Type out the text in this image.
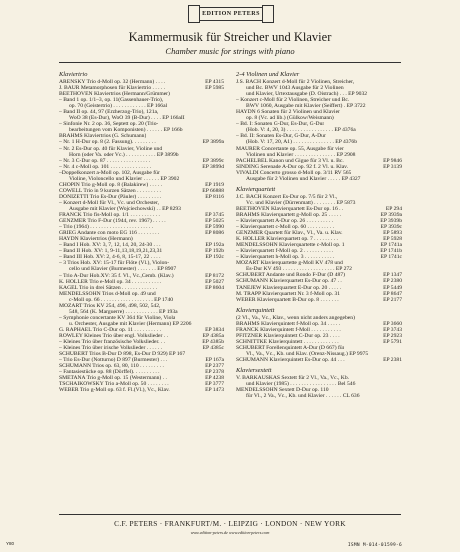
EDITION PETERS
Kammermusik für Streicher und Klavier
Chamber music for strings with piano
Klaviertrio
ARENSKY Trio d-Moll op. 32 (Hermann) . . . .	EP 4315
J. BAUR Metamorphosen für Klaviertrio . . . . .	EP 5985
BEETHOVEN Klaviertrios (Hermann/Grümmer)
– Band 1 op. 1/1–3, op. 11(Gassenhauer-Trio),
op. 70 (Geistertrio) . . . . . . . . . . . . EP 166al
– Band II op. 44, 97 (Erzherzog-Trio), 121a,
WoO 38 (Es-Dur), WoO 39 (B-Dur) . . . . EP 166aII
– Sinfonie Nr. 2 op. 36, Septett op. 20 (Trio-
bearbeitungen vom Komponisten) . . . . . . EP 166b
BRAHMS Klaviertrios (G. Schumann)
– Nr. 1 H-Dur op. 8 (2. Fassung). . . . . . . . .	EP 3899a
– Nr. 2 Es-Dur op. 40 für Klavier, Violine und
Horn (oder Va. oder Vc.) . . . . . . . . . . . EP 3899b
– Nr. 3 C-Dur op. 87 . . . . . . . . . . . . . . . .	EP 3899c
– Nr. 4 c-Moll op. 101 . . . . . . . . . . . . . . .	EP 3899d
–Doppelkonzert a-Moll op. 102, Ausgabe für
Violine, Violoncello und Klavier . . . . . . EP 3902
CHOPIN Trio g-Moll op. 8 (Balakirew) . . . . .	EP 1919
COWELL Trio in 9 kurzen Sätzen . . . . . . . . .	EP 66888
DONIZETTI Trio Es-Dur (Päuler) . . . . . . . . .	EP 8116
– Konzert d-Moll für Vl., Vc. und Orchester,
Ausgabe mit Klavier (Wojciechowski) . . EP 8293
FRANCK Trio fis-Moll op. 1/1 . . . . . . . . . . .	EP 3745
GENZMER Trio F-Dur (1944, rev. 1967) . . . . .	EP 5025
– Trio (1964) . . . . . . . . . . . . . . . . . . . . . . .	EP 5990
GRIEG Andante con moto EG 116 . . . . . . . .	EP 8086
HAYDN Klaviertrios (Hermann)
– Band I Hob. XV: 3, 7, 12, 14, 20, 24-30 . . .	EP 192a
– Band II Hob. XV: 1, 9-11,13,18,19,21,23,31	EP 192b
– Band III Hob. XV: 2, 4-6, 8, 15-17, 22 . . . .	EP 192c
– 3 Trios Hob. XV: 15-17 für Flöte (Vl.), Violon-
cello und Klavier (Burmester) . . . . . . . EP 8907
– Trio A-Dur Hob.XV: 35 f. Vl., Vc.,Cemb. (Klav.)	EP 8172
K. HÖLLER Trio e-Moll op. 34 . . . . . . . . . . .	EP 5027
KAGEL Trio in drei Sätzen . . . . . . . . . . . . .	EP 8604
MENDELSSOHN Trios d-Moll op. 49 und
c-Moll op. 66 . . . . . . . . . . . . . . . . . . . EP 1740
MOZART Trios KV 254, 496, 498, 502, 542,
548, 564 (K. Marguerre) . . . . . . . . . . . . EP 193a
– Symphonie concertante KV 364 für Violine, Viola
u. Orchester, Ausgabe mit Klavier (Hermann) EP 2206
G. RAPHAEL Trio C-Dur op. 11 . . . . . . . . . .	EP 3834
ROWLEY Kleines Trio über engl. Volkslieder . .	EP 4385a
– Kleines Trio über französische Volkslieder. . .	EP 4385b
– Kleines Trio über irische Volkslieder . . . . . .	EP 4385c
SCHUBERT Trios B-Dur D 898, Es-Dur D 929) EP 167
– Trio Es-Dur (Notturno) D 897 (Burmester) . . .	EP 167a
SCHUMANN Trios op. 63, 80, 110 . . . . . . . . .	EP 2377
– Fantasiestücke op. 88 (Dörffel). . . . . . . . . .	EP 2378
SMETANA Trio g-Moll op. 15 (Westermann) . .	EP 4238
TSCHAIKOWSKY Trio a-Moll op. 50 . . . . . . . .	EP 3777
WEBER Trio g-Moll op. 63 f. Fl.(Vl.), Vc., Klav.	EP 1473
2-4 Violinen und Klavier
J.S. BACH Konzert d-Moll für 2 Violinen, Streicher,
und Bc. BWV 1043 Ausgabe für 2 Violinen
und Klavier, Urtextausgabe (D. Oistrach) . . . EP 9032
– Konzert c-Moll für 2 Violinen, Streicher und Bc.
BWV 1060, Ausgabe mit Klavier (Seiffert) . EP 3722
HAYDN 6 Sonaten für 2 Violinen und Klavier
op. 8 (Vc. ad lib.) (Gülkow/Weismann)
– Bd. I: Sonaten G-Dur, Es-Dur, G-Dur
(Hob. V: 4, 20, 3) . . . . . . . . . . . . . . . . . EP 4376a
– Bd. II: Sonaten Es-Dur, G-Dur, A-Dur
(Hob. V: 17, 20, A1) . . . . . . . . . . . . . . . EP 4376b
MAURER Concertante op. 55, Ausgabe für vier
Violinen und Klavier . . . . . . . . . . . . . . . EP 2908
PACHELBEL Kanon und Gigue für 3 Vl. u. Bc.	EP 9846
SINDING Serenade A-Dur op. 92 f. 2 Vl. u. Klav.	EP 3139
VIVALDI Concerto grosso d-Moll op. 3/11 RV 565
Ausgabe für 2 Violinen und Klavier . . . . . EP 4327
Klavierquartett
J.C. BACH Konzert Es-Dur op. 7/5 für 2 Vl.,
Vc. und Klavier (Dürrenmatt) . . . . . . . . EP 5873
BEETHOVEN Klavierquartett Es-Dur op. 16 . .	EP 294
BRAHMS Klavierquartett g-Moll op. 25 . . . . .	EP 3939a
– Klavierquartett A-Dur op. 26 . . . . . . . . . .	EP 3939b
– Klavierquartett c-Moll op. 60 . . . . . . . . . .	EP 3939c
GENZMER Quartett für Klav., Vl., Va. u. Klav.	EP 5893
K. HÖLLER Klavierquartett op. 7 . . . . . . . . .	EP 5928
MENDELSSOHN Klavierquartette c-Moll op. 1	EP 1741a
– Klavierquartett f-Moll op. 2 . . . . . . . . . . .	EP 1741b
– Klavierquartett h-Moll op. 3 . . . . . . . . . . .	EP 1741c
MOZART Klavierquartette g-Moll KV 478 und
Es-Dur KV 493 . . . . . . . . . . . . . . . . . . . EP 272
SCHUBERT Andante und Rondo F-Dur (D 487)	EP 1347
SCHUMANN Klavierquartett Es-Dur op. 47 . .	EP 2380
TANEJEW Klavierquartett E-Dur op. 20 . . . . .	EP 5449
M. TRAPP Klavierquartett Nr. 3 f-Moll op. 31	EP 8647
WEBER Klavierquartett B-Dur op. 8 . . . . . . .	EP 2177
Klavierquintett
(2 Vl., Va., Vc., Klav., wenn nicht anders angegeben)
BRAHMS Klavierquintett f-Moll op. 34 . . . . .	EP 3660
FRANCK Klavierquintett f-Moll . . . . . . . . . . .	EP 3743
PFITZNER Klavierquintett C-Dur op. 23 . . . .	EP 2923
SCHNITTKE Klavierquintett . . . . . . . . . . . . .	EP 5791
SCHUBERT Forellenquintett A-Dur (D 667) für
Vl., Va., Vc., Kb. und Klav. (Orenz-Nissaug.) EP 9975
SCHUMANN Klavierquintett Es-Dur op. 44 . . .	EP 2381
Klaviersextett
V. BARKAUSKAS Sextett für 2 Vl., Va., Vc., Kb.
und Klavier (1985) . . . . . . . . . . . . . . . . . Bel 546
MENDELSSOHN Sextett D-Dur op. 110
für Vl., 2 Va., Vc., Kb. und Klavier . . . . . . CL 636
C.F. PETERS · FRANKFURT/M. · LEIPZIG · LONDON · NEW YORK
www.edition-peters.de www.edition-peters.com
ISMN M-014-01599-6
Y80
